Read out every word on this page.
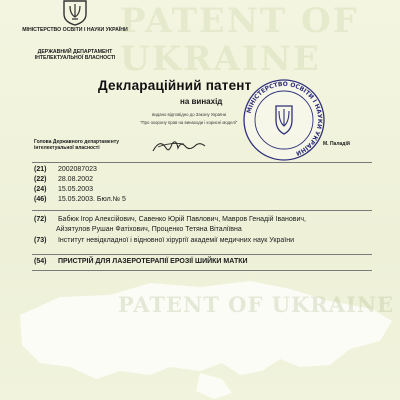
PATENT OF UKRAINE
МІНІСТЕРСТВО ОСВІТИ І НАУКИ УКРАЇНИ
ДЕРЖАВНИЙ ДЕПАРТАМЕНТ ІНТЕЛЕКТУАЛЬНОЇ ВЛАСНОСТІ
Деклараційний патент
на винахід
видано відповідно до Закону України
"Про охорону прав на винаходи і корисні моделі"
МІНІСТЕРСТВО ОСВІТИ І НАУКИ УКРАЇНИ
Голова Державного департаменту інтелектуальної власності
М. Паладій
(21) 2002087023
(22) 28.08.2002
(24) 15.05.2003
(46) 15.05.2003. Бюл.№ 5
(72) Бабюк Ігор Алексійович, Савенко Юрій Павлович, Мавров Генадій Іванович,
Айзятулов Рушан Фатіхович, Проценко Тетяна Віталіївна
(73) Інститут невідкладної і відновної хірургії академії медичних наук України
(54) ПРИСТРІЙ ДЛЯ ЛАЗЕРОТЕРАПІЇ ЕРОЗІЇ ШИЙКИ МАТКИ
PATENT OF UKRAINE
